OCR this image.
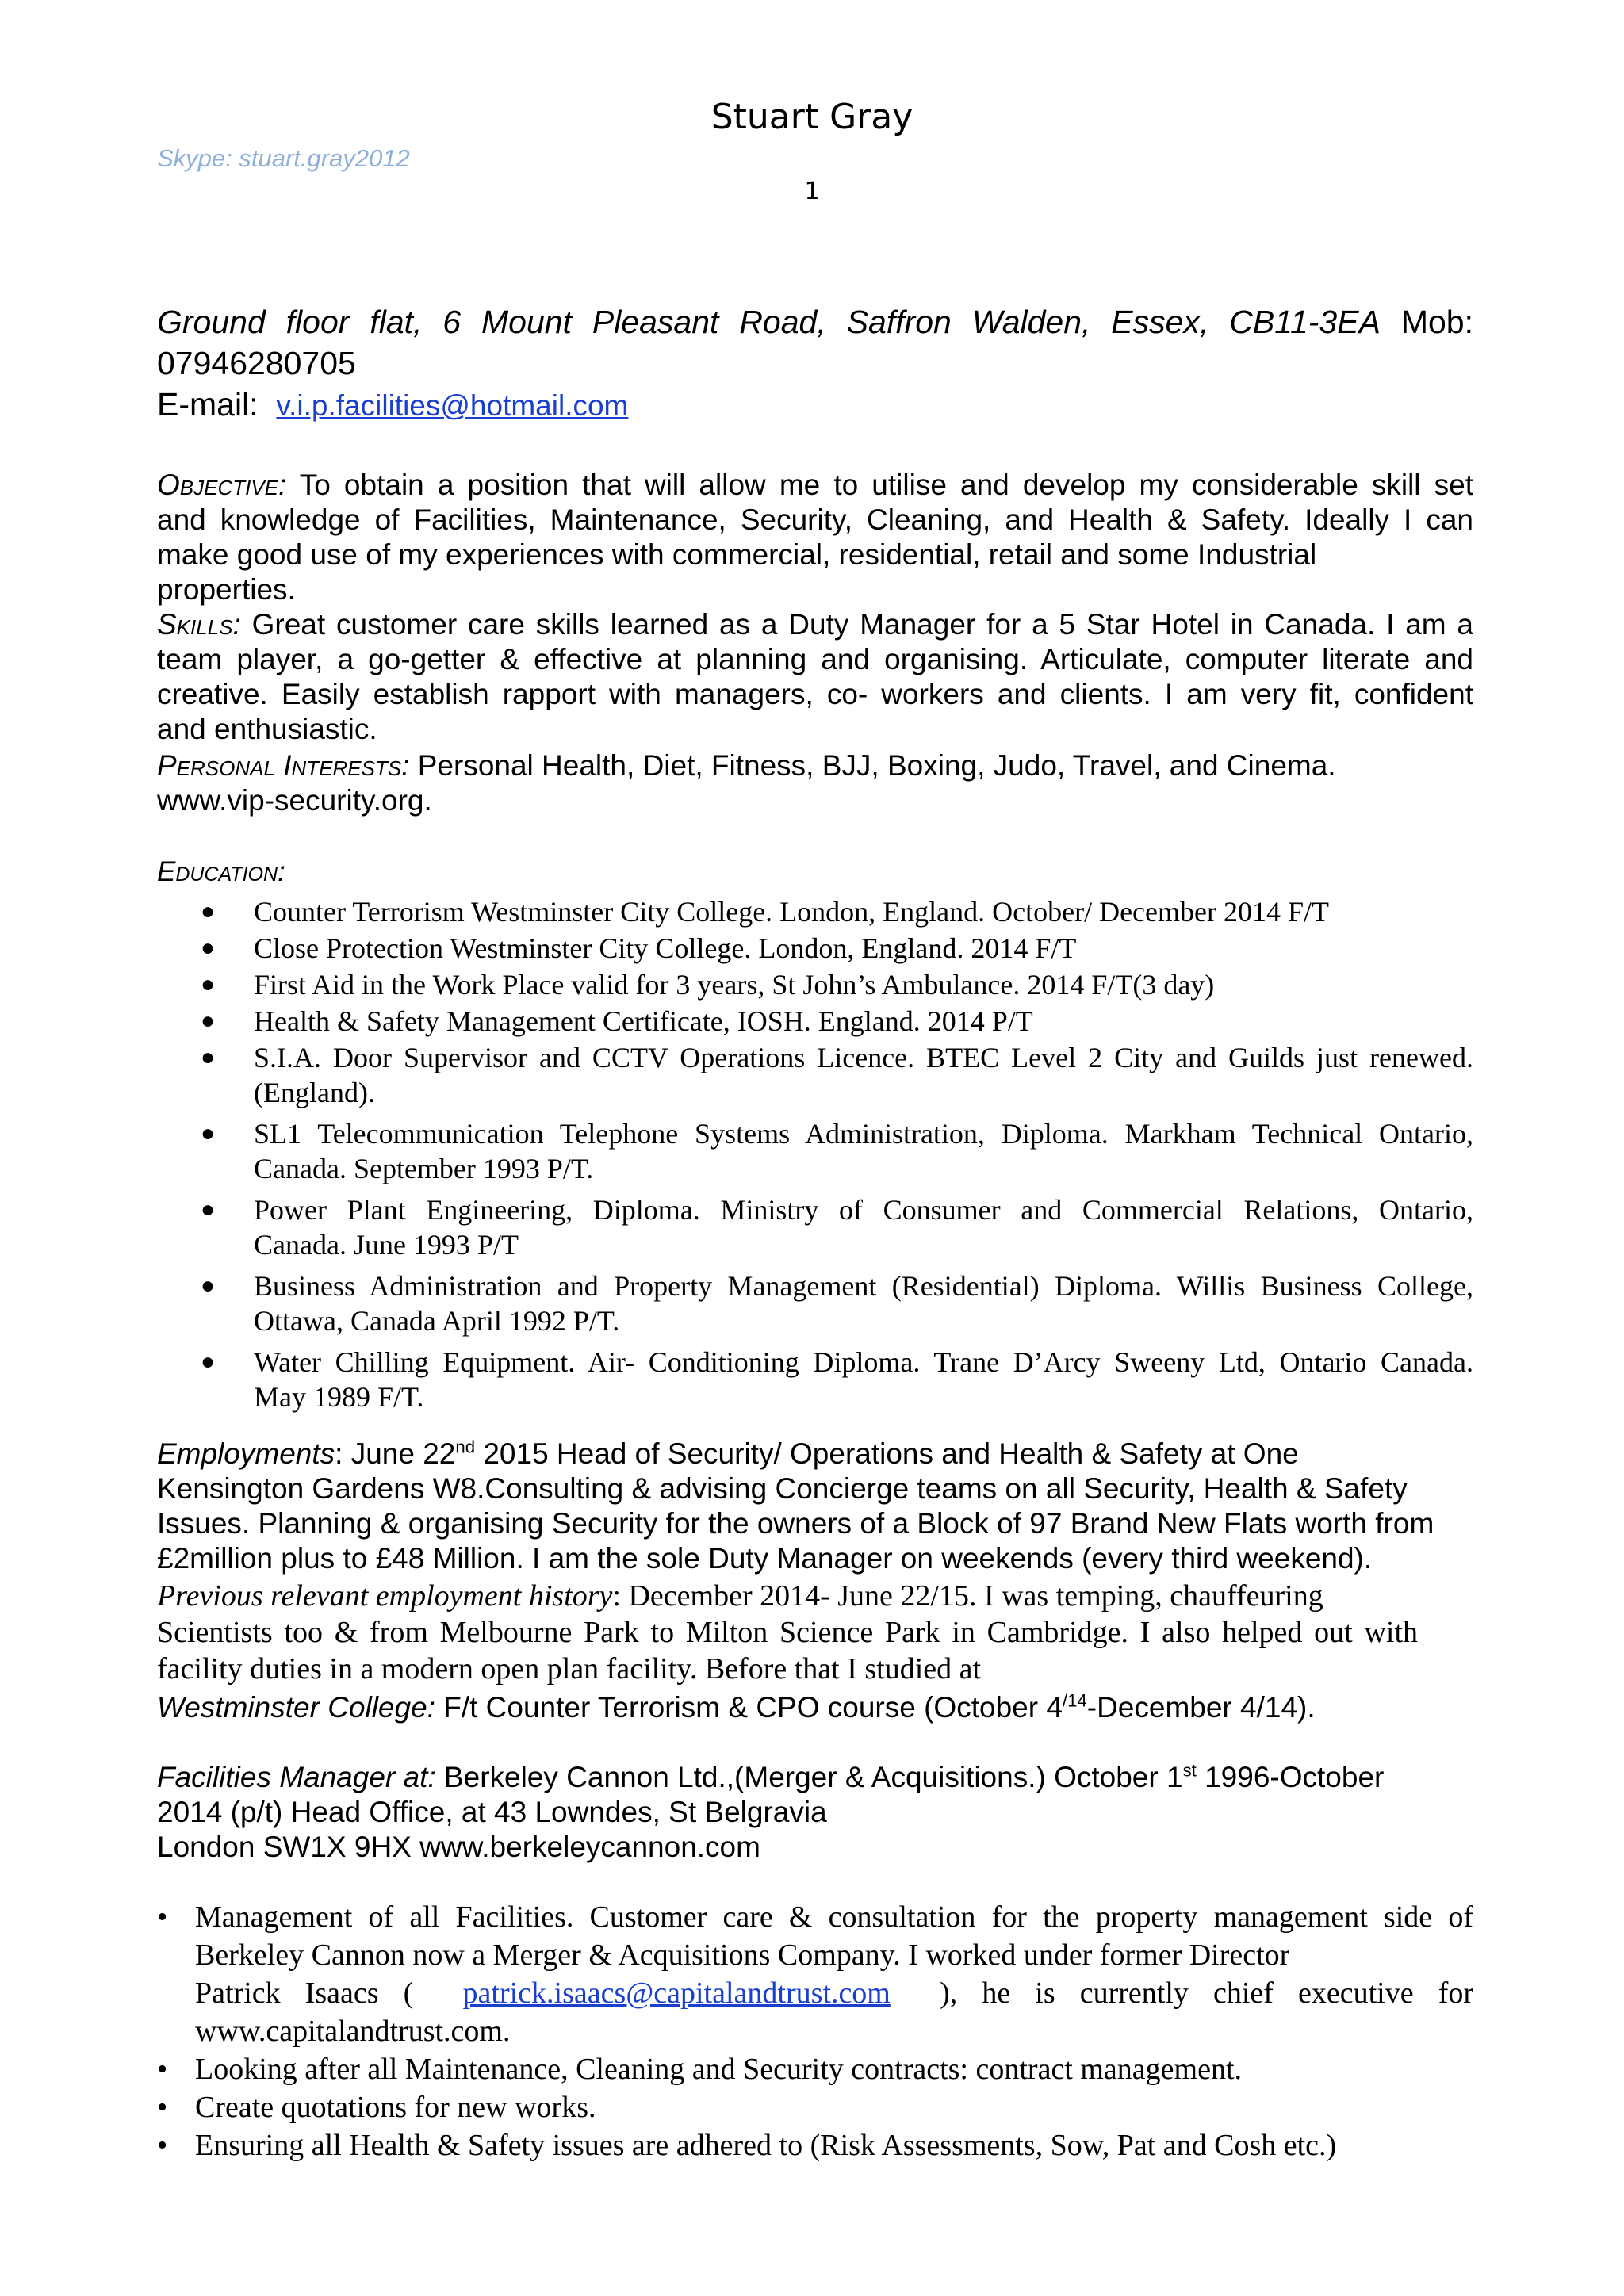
Stuart Gray
Skype: stuart.gray2012
1
Ground floor flat, 6 Mount Pleasant Road, Saffron Walden, Essex, CB11-3EA Mob:
07946280705
E-mail: v.i.p.facilities@hotmail.com
Objective: To obtain a position that will allow me to utilise and develop my considerable skill set
and knowledge of Facilities, Maintenance, Security, Cleaning, and Health & Safety. Ideally I can
make good use of my experiences with commercial, residential, retail and some Industrial
properties.
Skills: Great customer care skills learned as a Duty Manager for a 5 Star Hotel in Canada. I am a
team player, a go-getter & effective at planning and organising. Articulate, computer literate and
creative. Easily establish rapport with managers, co- workers and clients. I am very fit, confident
and enthusiastic.
Personal Interests: Personal Health, Diet, Fitness, BJJ, Boxing, Judo, Travel, and Cinema.
www.vip-security.org.
Education:
● Counter Terrorism Westminster City College. London, England. October/ December 2014 F/T
● Close Protection Westminster City College. London, England. 2014 F/T
● First Aid in the Work Place valid for 3 years, St John’s Ambulance. 2014 F/T(3 day)
● Health & Safety Management Certificate, IOSH. England. 2014 P/T
● S.I.A. Door Supervisor and CCTV Operations Licence. BTEC Level 2 City and Guilds just renewed.
(England).
● SL1 Telecommunication Telephone Systems Administration, Diploma. Markham Technical Ontario,
Canada. September 1993 P/T.
● Power Plant Engineering, Diploma. Ministry of Consumer and Commercial Relations, Ontario,
Canada. June 1993 P/T
● Business Administration and Property Management (Residential) Diploma. Willis Business College,
Ottawa, Canada April 1992 P/T.
● Water Chilling Equipment. Air- Conditioning Diploma. Trane D’Arcy Sweeny Ltd, Ontario Canada.
May 1989 F/T.
Employments: June 22nd 2015 Head of Security/ Operations and Health & Safety at One
Kensington Gardens W8.Consulting & advising Concierge teams on all Security, Health & Safety
Issues. Planning & organising Security for the owners of a Block of 97 Brand New Flats worth from
£2million plus to £48 Million. I am the sole Duty Manager on weekends (every third weekend).
Previous relevant employment history: December 2014- June 22/15. I was temping, chauffeuring
Scientists too & from Melbourne Park to Milton Science Park in Cambridge. I also helped out with
facility duties in a modern open plan facility. Before that I studied at
Westminster College: F/t Counter Terrorism & CPO course (October $4^{/14}$-December 4/14).
Facilities Manager at: Berkeley Cannon Ltd.,(Merger & Acquisitions.) October 1st 1996-October
2014 (p/t) Head Office, at 43 Lowndes, St Belgravia
London SW1X 9HX www.berkeleycannon.com
• Management of all Facilities. Customer care & consultation for the property management side of
Berkeley Cannon now a Merger & Acquisitions Company. I worked under former Director
Patrick Isaacs ( patrick.isaacs@capitalandtrust.com ), he is currently chief executive for
www.capitalandtrust.com.
• Looking after all Maintenance, Cleaning and Security contracts: contract management.
• Create quotations for new works.
• Ensuring all Health & Safety issues are adhered to (Risk Assessments, Sow, Pat and Cosh etc.)
